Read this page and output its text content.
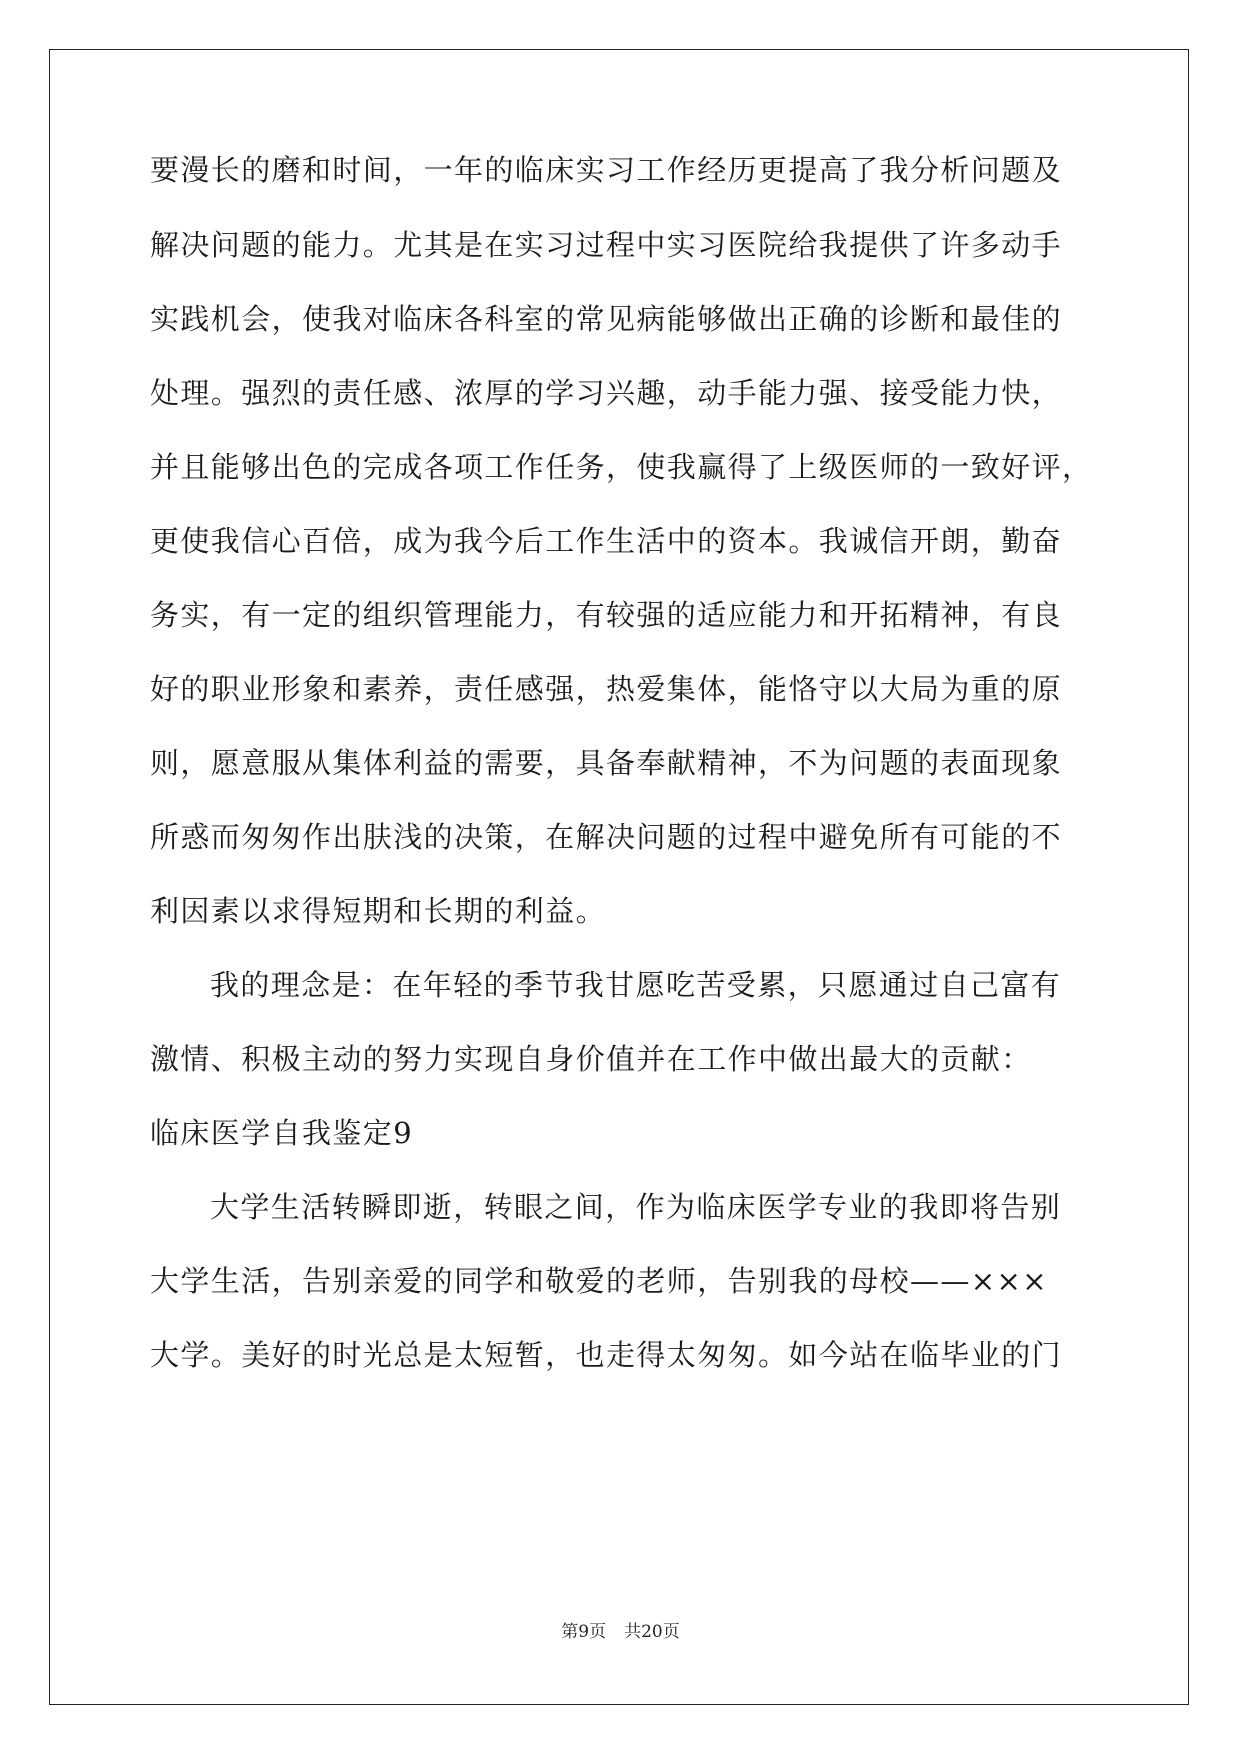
要漫长的磨和时间，一年的临床实习工作经历更提高了我分析问题及
解决问题的能力。尤其是在实习过程中实习医院给我提供了许多动手
实践机会，使我对临床各科室的常见病能够做出正确的诊断和最佳的
处理。强烈的责任感、浓厚的学习兴趣，动手能力强、接受能力快，
并且能够出色的完成各项工作任务，使我赢得了上级医师的一致好评，
更使我信心百倍，成为我今后工作生活中的资本。我诚信开朗，勤奋
务实，有一定的组织管理能力，有较强的适应能力和开拓精神，有良
好的职业形象和素养，责任感强，热爱集体，能恪守以大局为重的原
则，愿意服从集体利益的需要，具备奉献精神，不为问题的表面现象
所惑而匆匆作出肤浅的决策，在解决问题的过程中避免所有可能的不
利因素以求得短期和长期的利益。
我的理念是：在年轻的季节我甘愿吃苦受累，只愿通过自己富有
激情、积极主动的努力实现自身价值并在工作中做出最大的贡献：
临床医学自我鉴定9
大学生活转瞬即逝，转眼之间，作为临床医学专业的我即将告别
大学生活，告别亲爱的同学和敬爱的老师，告别我的母校——×××
大学。美好的时光总是太短暂，也走得太匆匆。如今站在临毕业的门
第9页 共20页
